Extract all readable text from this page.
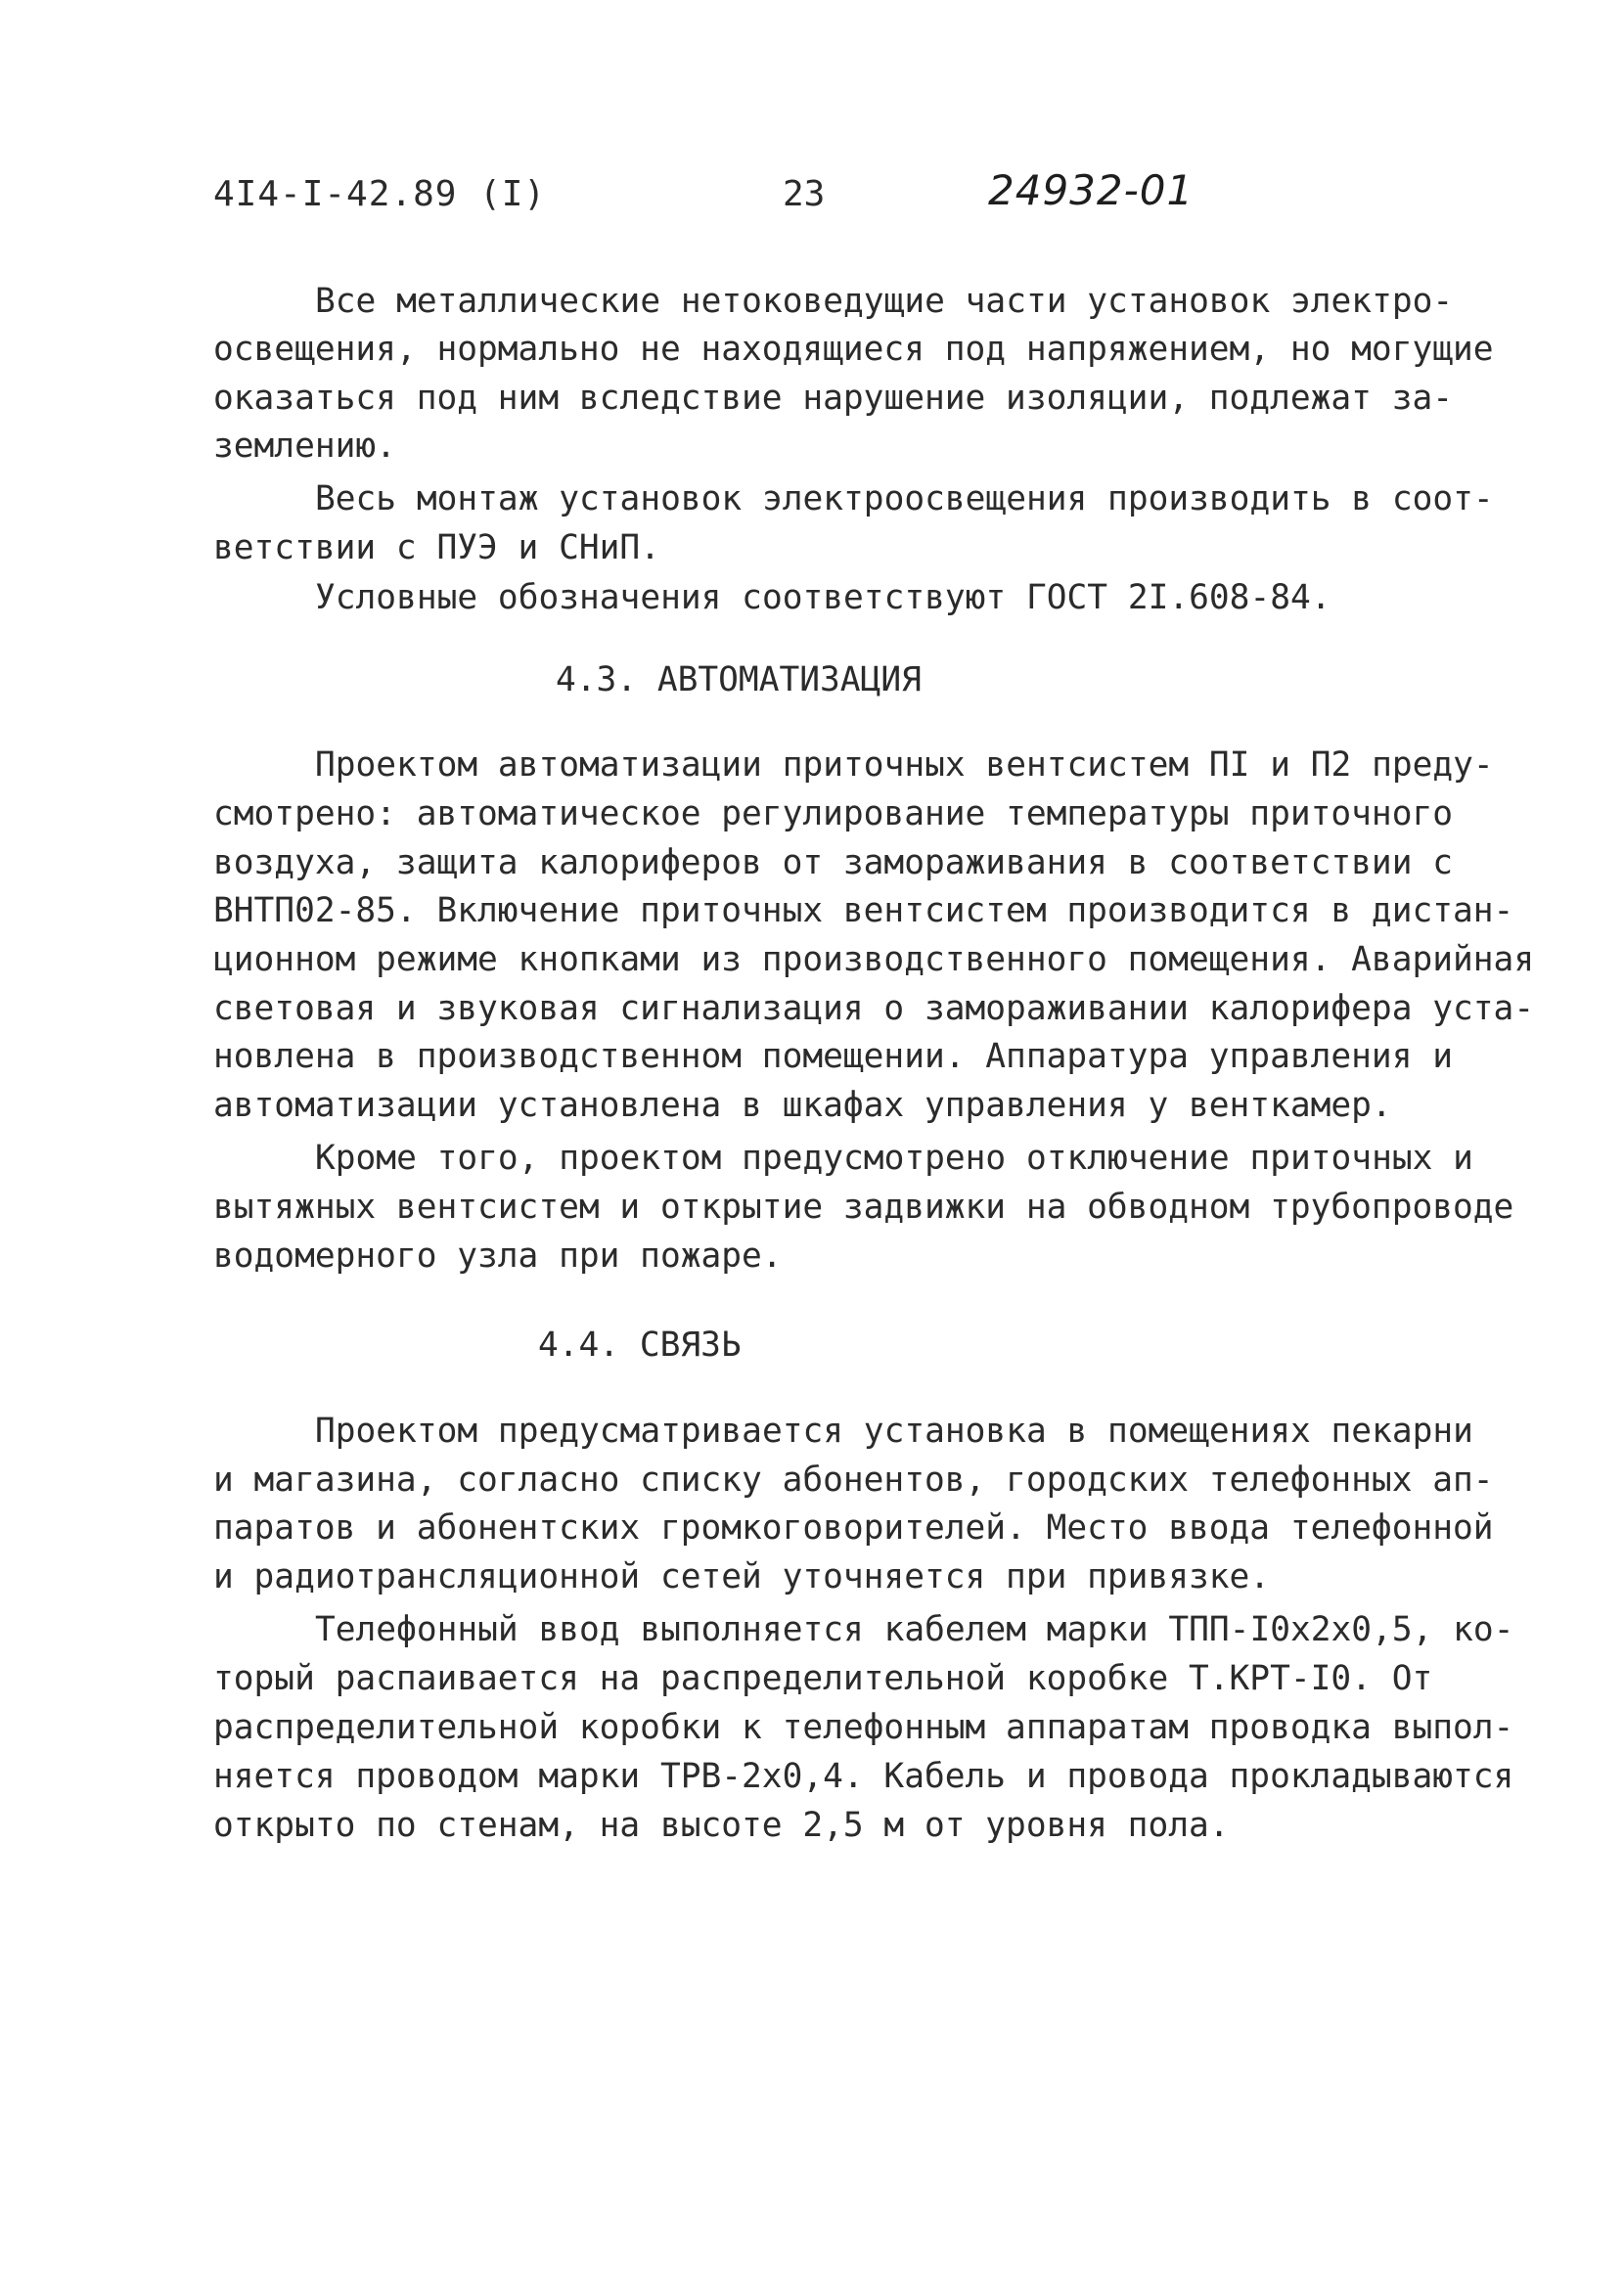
4I4-I-42.89 (I)	23	24932-01
Все металлические нетоковедущие части установок электро-
освещения, нормально не находящиеся под напряжением, но могущие
оказаться под ним вследствие нарушение изоляции, подлежат за-
землению.
Весь монтаж установок электроосвещения производить в соот-
ветствии с ПУЭ и СНиП.
Условные обозначения соответствуют ГОСТ 2I.608-84.
4.3. АВТОМАТИЗАЦИЯ
Проектом автоматизации приточных вентсистем ПI и П2 преду-
смотрено: автоматическое регулирование температуры приточного
воздуха, защита калориферов от замораживания в соответствии с
ВНТП02-85. Включение приточных вентсистем производится в дистан-
ционном режиме кнопками из производственного помещения. Аварийная
световая и звуковая сигнализация о замораживании калорифера уста-
новлена в производственном помещении. Аппаратура управления и
автоматизации установлена в шкафах управления у венткамер.
Кроме того, проектом предусмотрено отключение приточных и
вытяжных вентсистем и открытие задвижки на обводном трубопроводе
водомерного узла при пожаре.
4.4. СВЯЗЬ
Проектом предусматривается установка в помещениях пекарни
и магазина, согласно списку абонентов, городских телефонных ап-
паратов и абонентских громкоговорителей. Место ввода телефонной
и радиотрансляционной сетей уточняется при привязке.
Телефонный ввод выполняется кабелем марки ТПП-I0х2х0,5, ко-
торый распаивается на распределительной коробке Т.КРТ-I0. От
распределительной коробки к телефонным аппаратам проводка выпол-
няется проводом марки ТРВ-2х0,4. Кабель и провода прокладываются
открыто по стенам, на высоте 2,5 м от уровня пола.
